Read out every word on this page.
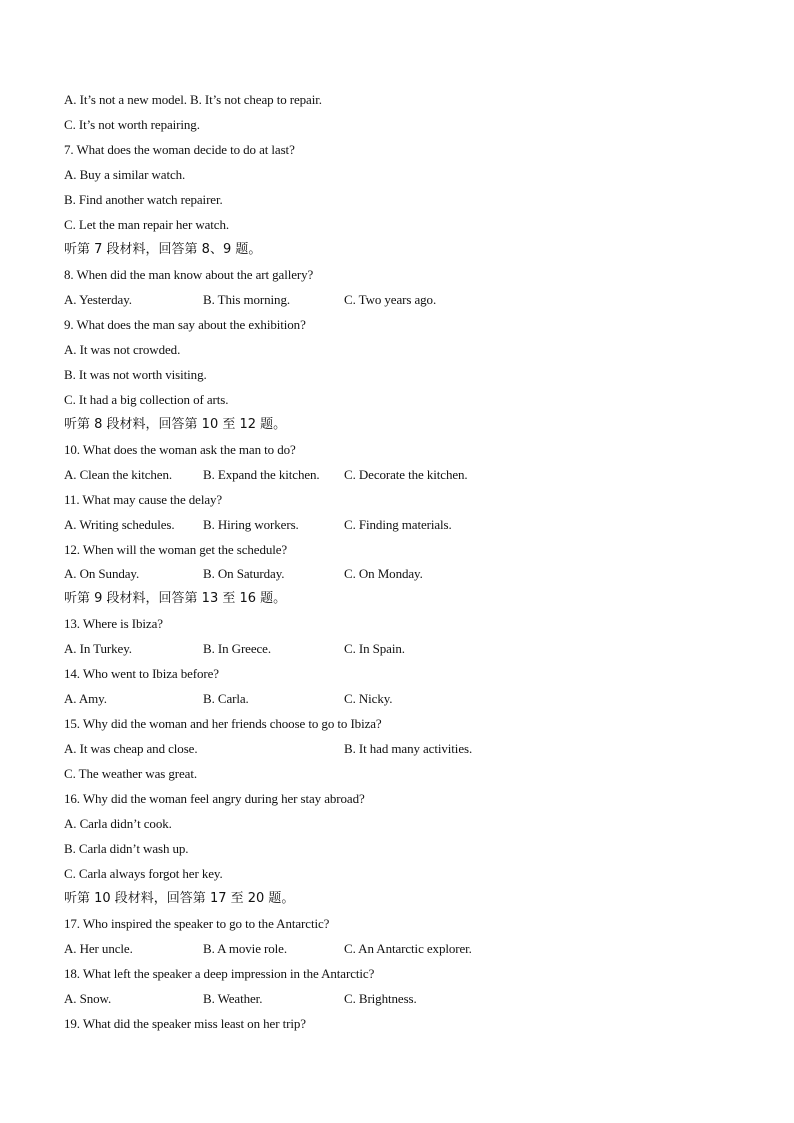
A. It’s not a new model. B. It’s not cheap to repair.
C. It’s not worth repairing.
7. What does the woman decide to do at last?
A. Buy a similar watch.
B. Find another watch repairer.
C. Let the man repair her watch.
听第 7 段材料，回答第 8、9 题。
8. When did the man know about the art gallery?
A. Yesterday.	B. This morning.	C. Two years ago.
9. What does the man say about the exhibition?
A. It was not crowded.
B. It was not worth visiting.
C. It had a big collection of arts.
听第 8 段材料，回答第 10 至 12 题。
10. What does the woman ask the man to do?
A. Clean the kitchen. B. Expand the kitchen. C. Decorate the kitchen.
11. What may cause the delay?
A. Writing schedules. B. Hiring workers.	C. Finding materials.
12. When will the woman get the schedule?
A. On Sunday.	B. On Saturday.	C. On Monday.
听第 9 段材料，回答第 13 至 16 题。
13. Where is Ibiza?
A. In Turkey.	B. In Greece.	C. In Spain.
14. Who went to Ibiza before?
A. Amy.	B. Carla.	C. Nicky.
15. Why did the woman and her friends choose to go to Ibiza?
A. It was cheap and close.	B. It had many activities.
C. The weather was great.
16. Why did the woman feel angry during her stay abroad?
A. Carla didn’t cook.
B. Carla didn’t wash up.
C. Carla always forgot her key.
听第 10 段材料，回答第 17 至 20 题。
17. Who inspired the speaker to go to the Antarctic?
A. Her uncle.	B. A movie role.	C. An Antarctic explorer.
18. What left the speaker a deep impression in the Antarctic?
A. Snow.	B. Weather.	C. Brightness.
19. What did the speaker miss least on her trip?
